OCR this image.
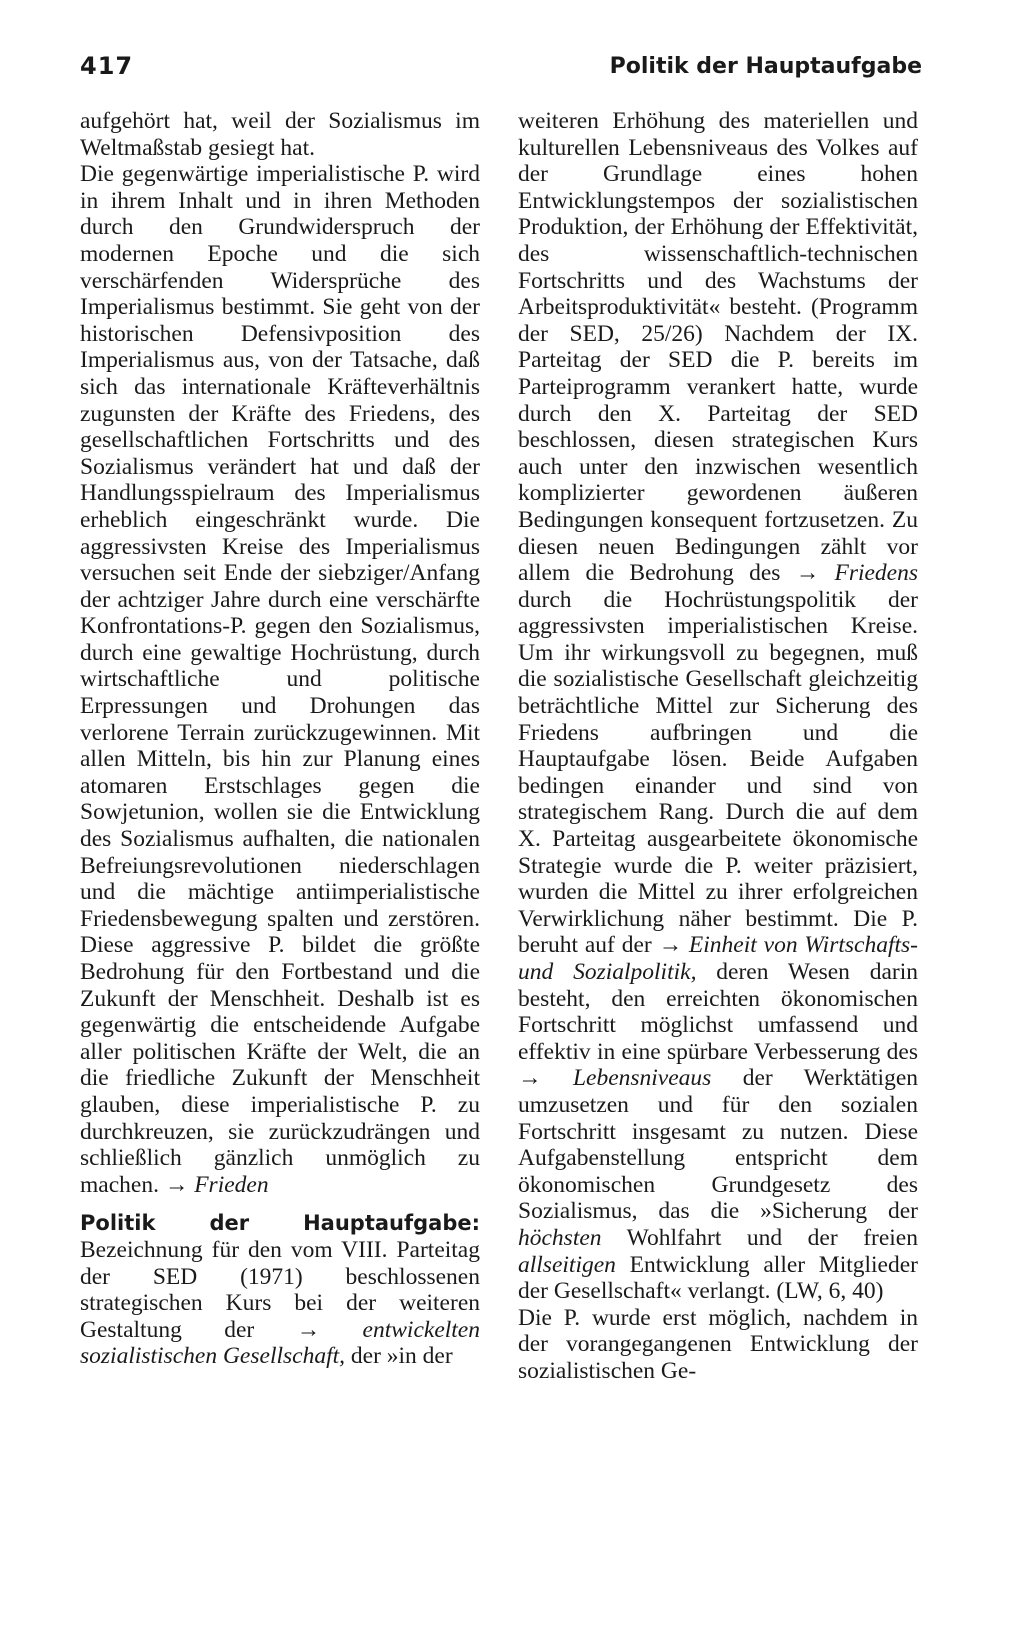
417	Politik der Hauptaufgabe

aufgehört hat, weil der Sozialismus im Weltmaßstab gesiegt hat.

Die gegenwärtige imperialistische P. wird in ihrem Inhalt und in ihren Methoden durch den Grundwiderspruch der modernen Epoche und die sich verschärfenden Widersprüche des Imperialismus bestimmt. Sie geht von der historischen Defensivposition des Imperialismus aus, von der Tatsache, daß sich das internationale Kräfteverhältnis zugunsten der Kräfte des Friedens, des gesellschaftlichen Fortschritts und des Sozialismus verändert hat und daß der Handlungsspielraum des Imperialismus erheblich eingeschränkt wurde. Die aggressivsten Kreise des Imperialismus versuchen seit Ende der siebziger/Anfang der achtziger Jahre durch eine verschärfte Konfrontations-P. gegen den Sozialismus, durch eine gewaltige Hochrüstung, durch wirtschaftliche und politische Erpressungen und Drohungen das verlorene Terrain zurückzugewinnen. Mit allen Mitteln, bis hin zur Planung eines atomaren Erstschlages gegen die Sowjetunion, wollen sie die Entwicklung des Sozialismus aufhalten, die nationalen Befreiungsrevolutionen niederschlagen und die mächtige antiimperialistische Friedensbewegung spalten und zerstören. Diese aggressive P. bildet die größte Bedrohung für den Fortbestand und die Zukunft der Menschheit. Deshalb ist es gegenwärtig die entscheidende Aufgabe aller politischen Kräfte der Welt, die an die friedliche Zukunft der Menschheit glauben, diese imperialistische P. zu durchkreuzen, sie zurückzudrängen und schließlich gänzlich unmöglich zu machen. → Frieden

Politik der Hauptaufgabe: Bezeichnung für den vom VIII. Parteitag der SED (1971) beschlossenen strategischen Kurs bei der weiteren Gestaltung der → entwickelten sozialistischen Gesellschaft, der »in der

weiteren Erhöhung des materiellen und kulturellen Lebensniveaus des Volkes auf der Grundlage eines hohen Entwicklungstempos der sozialistischen Produktion, der Erhöhung der Effektivität, des wissenschaftlich-technischen Fortschritts und des Wachstums der Arbeitsproduktivität« besteht. (Programm der SED, 25/26) Nachdem der IX. Parteitag der SED die P. bereits im Parteiprogramm verankert hatte, wurde durch den X. Parteitag der SED beschlossen, diesen strategischen Kurs auch unter den inzwischen wesentlich komplizierter gewordenen äußeren Bedingungen konsequent fortzusetzen. Zu diesen neuen Bedingungen zählt vor allem die Bedrohung des → Friedens durch die Hochrüstungspolitik der aggressivsten imperialistischen Kreise. Um ihr wirkungsvoll zu begegnen, muß die sozialistische Gesellschaft gleichzeitig beträchtliche Mittel zur Sicherung des Friedens aufbringen und die Hauptaufgabe lösen. Beide Aufgaben bedingen einander und sind von strategischem Rang. Durch die auf dem X. Parteitag ausgearbeitete ökonomische Strategie wurde die P. weiter präzisiert, wurden die Mittel zu ihrer erfolgreichen Verwirklichung näher bestimmt. Die P. beruht auf der → Einheit von Wirtschafts- und Sozialpolitik, deren Wesen darin besteht, den erreichten ökonomischen Fortschritt möglichst umfassend und effektiv in eine spürbare Verbesserung des → Lebensniveaus der Werktätigen umzusetzen und für den sozialen Fortschritt insgesamt zu nutzen. Diese Aufgabenstellung entspricht dem ökonomischen Grundgesetz des Sozialismus, das die »Sicherung der höchsten Wohlfahrt und der freien allseitigen Entwicklung aller Mitglieder der Gesellschaft« verlangt. (LW, 6, 40)

Die P. wurde erst möglich, nachdem in der vorangegangenen Entwicklung der sozialistischen Ge-
